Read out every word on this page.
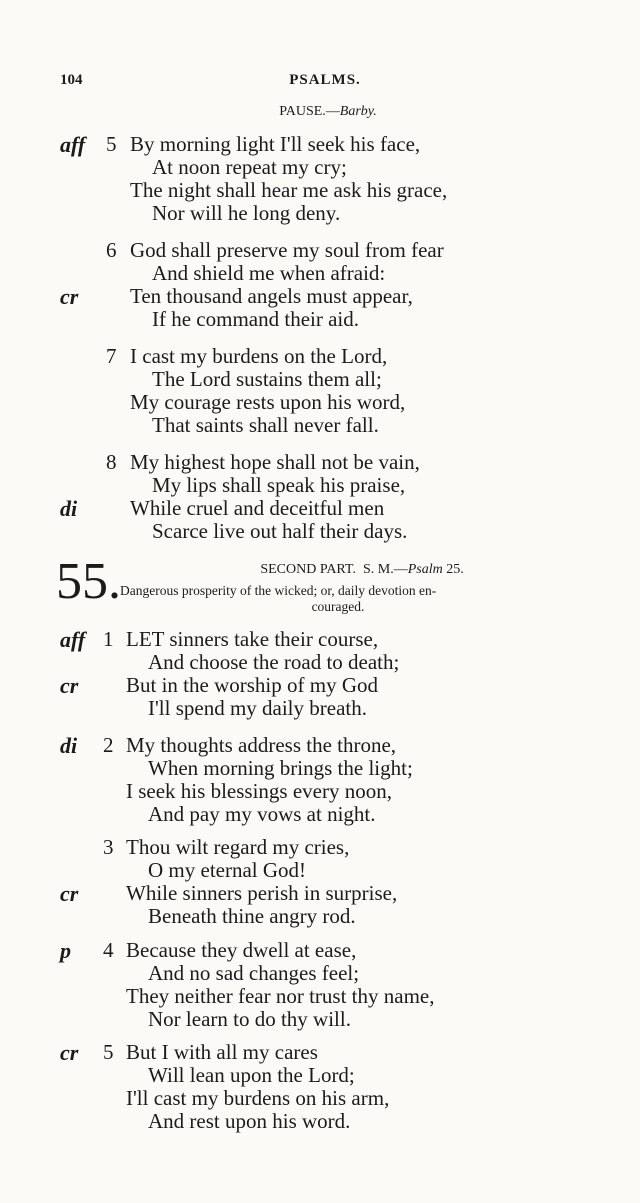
104	PSALMS.
PAUSE.—Barby.
aff 5 By morning light I'll seek his face,
At noon repeat my cry;
The night shall hear me ask his grace,
Nor will he long deny.
6 God shall preserve my soul from fear
And shield me when afraid:
cr Ten thousand angels must appear,
If he command their aid.
7 I cast my burdens on the Lord,
The Lord sustains them all;
My courage rests upon his word,
That saints shall never fall.
8 My highest hope shall not be vain,
My lips shall speak his praise,
di	While cruel and deceitful men
Scarce live out half their days.
55.	SECOND PART. S. M.—Psalm 25.
Dangerous prosperity of the wicked; or, daily devotion en-
couraged.
aff 1 LET sinners take their course,
And choose the road to death;
cr But in the worship of my God
I'll spend my daily breath.
di 2 My thoughts address the throne,
When morning brings the light;
I seek his blessings every noon,
And pay my vows at night.
3 Thou wilt regard my cries,
O my eternal God!
cr While sinners perish in surprise,
Beneath thine angry rod.
p 4 Because they dwell at ease,
And no sad changes feel;
They neither fear nor trust thy name,
Nor learn to do thy will.
cr 5 But I with all my cares
Will lean upon the Lord;
I'll cast my burdens on his arm,
And rest upon his word.
